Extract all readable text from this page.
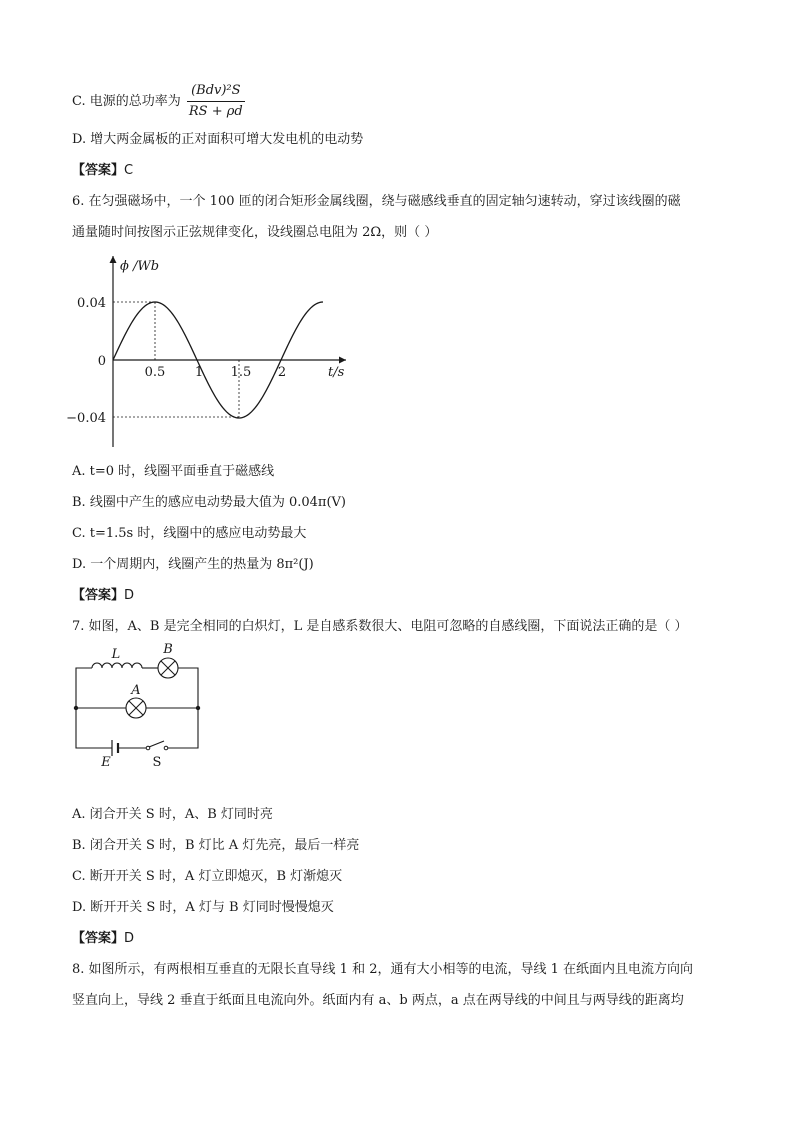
C. 电源的总功率为 $\frac{\text{(Bdv)²S}}{RS + \rho d}$
D. 增大两金属板的正对面积可增大发电机的电动势
【答案】C
6. 在匀强磁场中，一个 100 匝的闭合矩形金属线圈，绕与磁感线垂直的固定轴匀速转动，穿过该线圈的磁
通量随时间按图示正弦规律变化，设线圈总电阻为 2Ω，则（ ）
ϕ /Wb
0.04
0
−0.04
0.5 1 1.5 2	t/s
A. t=0 时，线圈平面垂直于磁感线
B. 线圈中产生的感应电动势最大值为 0.04π(V)
C. t=1.5s 时，线圈中的感应电动势最大
D. 一个周期内，线圈产生的热量为 8π²(J)
【答案】D
7. 如图，A、B 是完全相同的白炽灯，L 是自感系数很大、电阻可忽略的自感线圈，下面说法正确的是（ ）
L	B
A
E	S
A. 闭合开关 S 时，A、B 灯同时亮
B. 闭合开关 S 时，B 灯比 A 灯先亮，最后一样亮
C. 断开开关 S 时，A 灯立即熄灭，B 灯渐熄灭
D. 断开开关 S 时，A 灯与 B 灯同时慢慢熄灭
【答案】D
8. 如图所示，有两根相互垂直的无限长直导线 1 和 2，通有大小相等的电流，导线 1 在纸面内且电流方向向
竖直向上，导线 2 垂直于纸面且电流向外。纸面内有 a、b 两点，a 点在两导线的中间且与两导线的距离均
